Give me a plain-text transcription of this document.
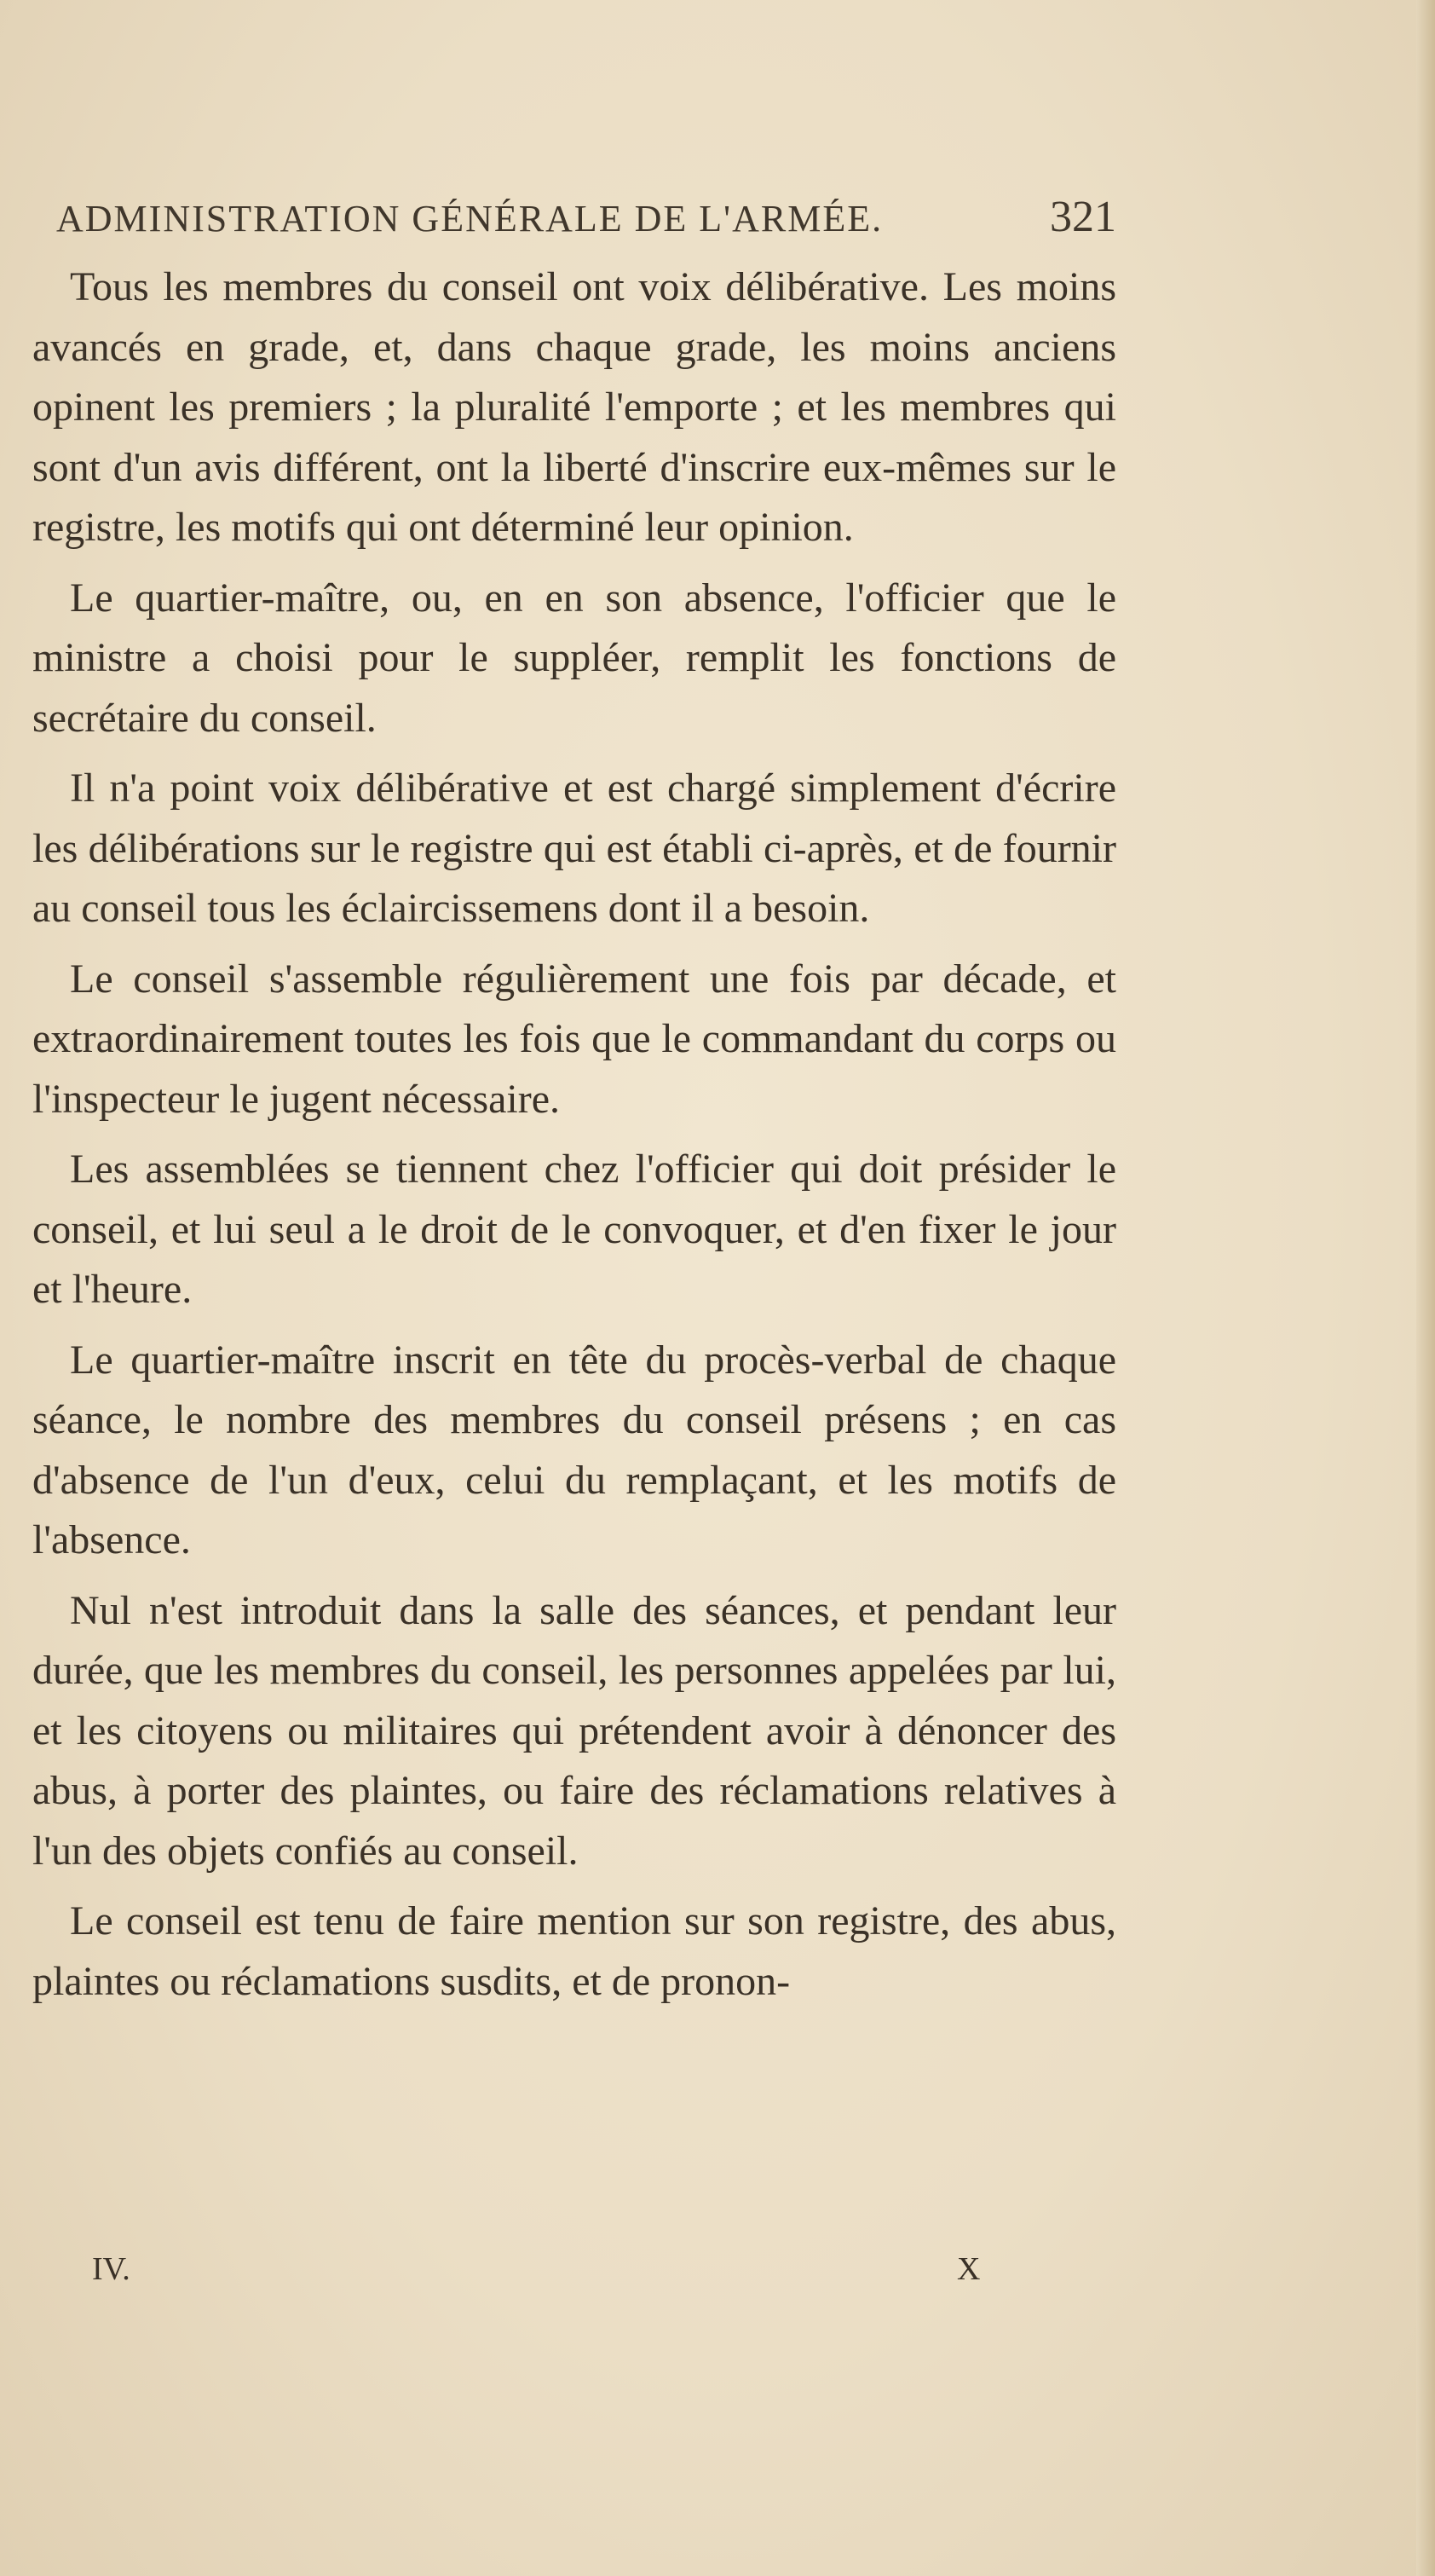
ADMINISTRATION GÉNÉRALE DE L'ARMÉE.	321

Tous les membres du conseil ont voix délibérative. Les moins avancés en grade, et, dans chaque grade, les moins anciens opinent les premiers ; la pluralité l'emporte ; et les membres qui sont d'un avis différent, ont la liberté d'inscrire eux-mêmes sur le registre, les motifs qui ont déterminé leur opinion.

Le quartier-maître, ou, en en son absence, l'officier que le ministre a choisi pour le suppléer, remplit les fonctions de secrétaire du conseil.

Il n'a point voix délibérative et est chargé simplement d'écrire les délibérations sur le registre qui est établi ci-après, et de fournir au conseil tous les éclaircissemens dont il a besoin.

Le conseil s'assemble régulièrement une fois par décade, et extraordinairement toutes les fois que le commandant du corps ou l'inspecteur le jugent nécessaire.

Les assemblées se tiennent chez l'officier qui doit présider le conseil, et lui seul a le droit de le convoquer, et d'en fixer le jour et l'heure.

Le quartier-maître inscrit en tête du procès-verbal de chaque séance, le nombre des membres du conseil présens ; en cas d'absence de l'un d'eux, celui du remplaçant, et les motifs de l'absence.

Nul n'est introduit dans la salle des séances, et pendant leur durée, que les membres du conseil, les personnes appelées par lui, et les citoyens ou militaires qui prétendent avoir à dénoncer des abus, à porter des plaintes, ou faire des réclamations relatives à l'un des objets confiés au conseil.

Le conseil est tenu de faire mention sur son registre, des abus, plaintes ou réclamations susdits, et de pronon-

IV.	X
